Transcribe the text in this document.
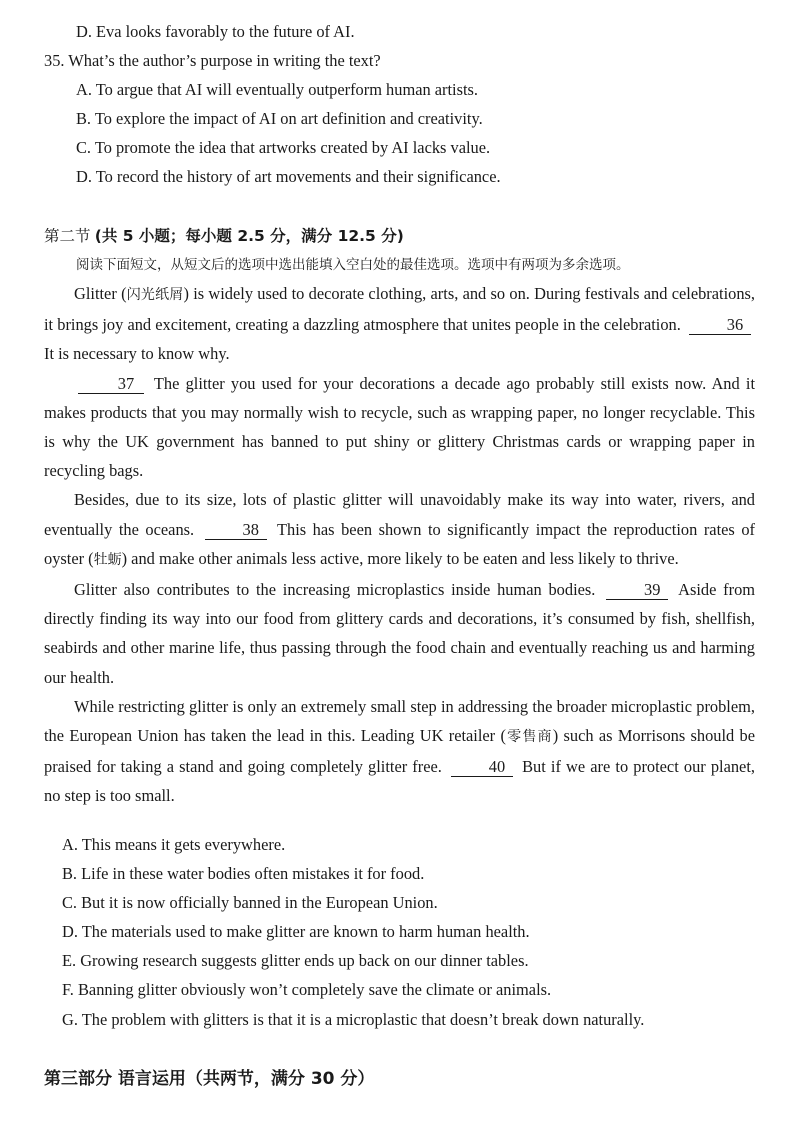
D. Eva looks favorably to the future of AI.
35. What’s the author’s purpose in writing the text?
A. To argue that AI will eventually outperform human artists.
B. To explore the impact of AI on art definition and creativity.
C. To promote the idea that artworks created by AI lacks value.
D. To record the history of art movements and their significance.
第二节 (共 5 小题；每小题 2.5 分，满分 12.5 分)
阅读下面短文，从短文后的选项中选出能填入空白处的最佳选项。选项中有两项为多余选项。

Glitter (闪光纸屑) is widely used to decorate clothing, arts, and so on. During festivals and celebrations, it brings joy and excitement, creating a dazzling atmosphere that unites people in the celebration.	36 It is necessary to know why.

37 The glitter you used for your decorations a decade ago probably still exists now. And it makes products that you may normally wish to recycle, such as wrapping paper, no longer recyclable. This is why the UK government has banned to put shiny or glittery Christmas cards or wrapping paper in recycling bags.

Besides, due to its size, lots of plastic glitter will unavoidably make its way into water, rivers, and eventually the oceans.	38 This has been shown to significantly impact the reproduction rates of oyster (牡蛎) and make other animals less active, more likely to be eaten and less likely to thrive.

Glitter also contributes to the increasing microplastics inside human bodies.	39 Aside from directly finding its way into our food from glittery cards and decorations, it’s consumed by fish, shellfish, seabirds and other marine life, thus passing through the food chain and eventually reaching us and harming our health.

While restricting glitter is only an extremely small step in addressing the broader microplastic problem, the European Union has taken the lead in this. Leading UK retailer (零售商) such as Morrisons should be praised for taking a stand and going completely glitter free.	40 But if we are to protect our planet, no step is too small.

A. This means it gets everywhere.
B. Life in these water bodies often mistakes it for food.
C. But it is now officially banned in the European Union.
D. The materials used to make glitter are known to harm human health.
E. Growing research suggests glitter ends up back on our dinner tables.
F. Banning glitter obviously won’t completely save the climate or animals.
G. The problem with glitters is that it is a microplastic that doesn’t break down naturally.
第三部分 语言运用（共两节，满分 30 分）
